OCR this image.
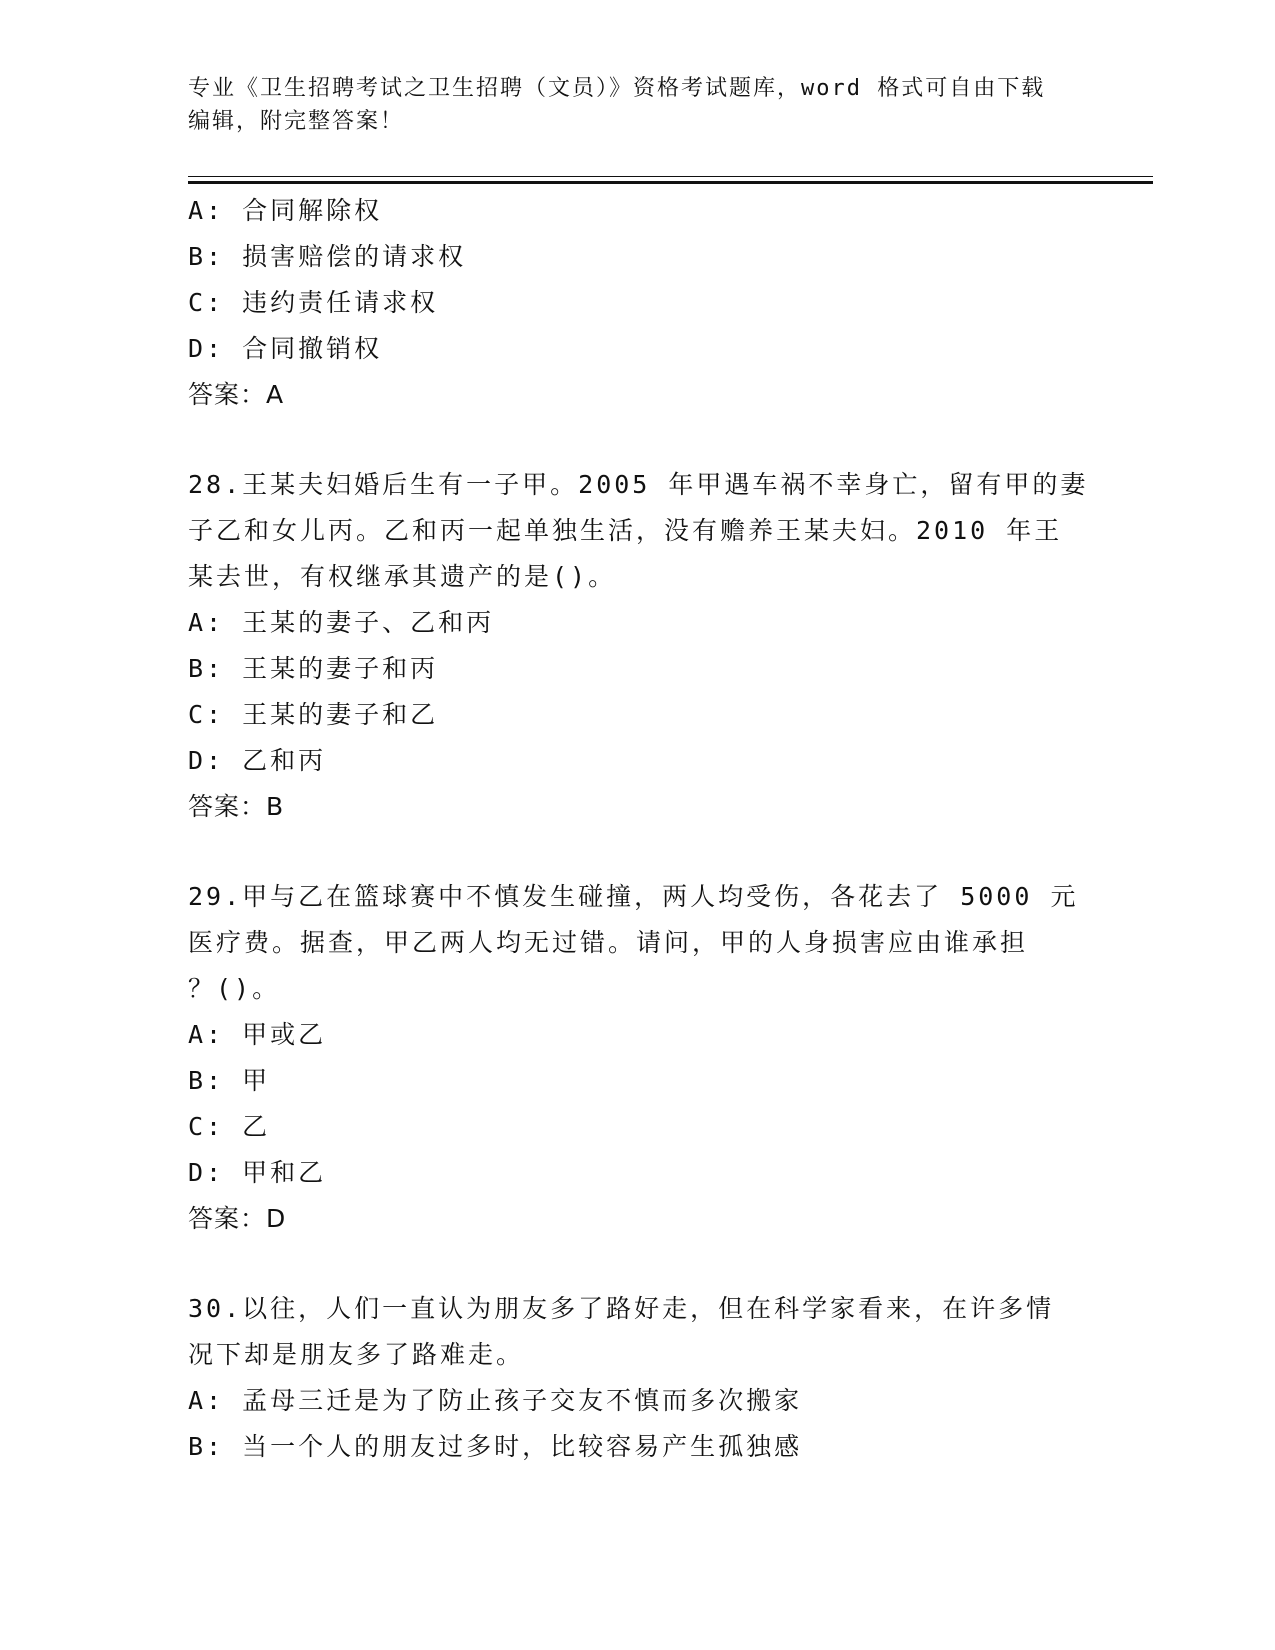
专业《卫生招聘考试之卫生招聘（文员）》资格考试题库，word 格式可自由下载
编辑，附完整答案！
A: 合同解除权
B: 损害赔偿的请求权
C: 违约责任请求权
D: 合同撤销权
答案：A
28.王某夫妇婚后生有一子甲。2005 年甲遇车祸不幸身亡，留有甲的妻
子乙和女儿丙。乙和丙一起单独生活，没有赡养王某夫妇。2010 年王
某去世，有权继承其遗产的是()。
A: 王某的妻子、乙和丙
B: 王某的妻子和丙
C: 王某的妻子和乙
D: 乙和丙
答案：B
29.甲与乙在篮球赛中不慎发生碰撞，两人均受伤，各花去了 5000 元
医疗费。据查，甲乙两人均无过错。请问，甲的人身损害应由谁承担
？()。
A: 甲或乙
B: 甲
C: 乙
D: 甲和乙
答案：D
30.以往，人们一直认为朋友多了路好走，但在科学家看来，在许多情
况下却是朋友多了路难走。
A: 孟母三迁是为了防止孩子交友不慎而多次搬家
B: 当一个人的朋友过多时，比较容易产生孤独感
